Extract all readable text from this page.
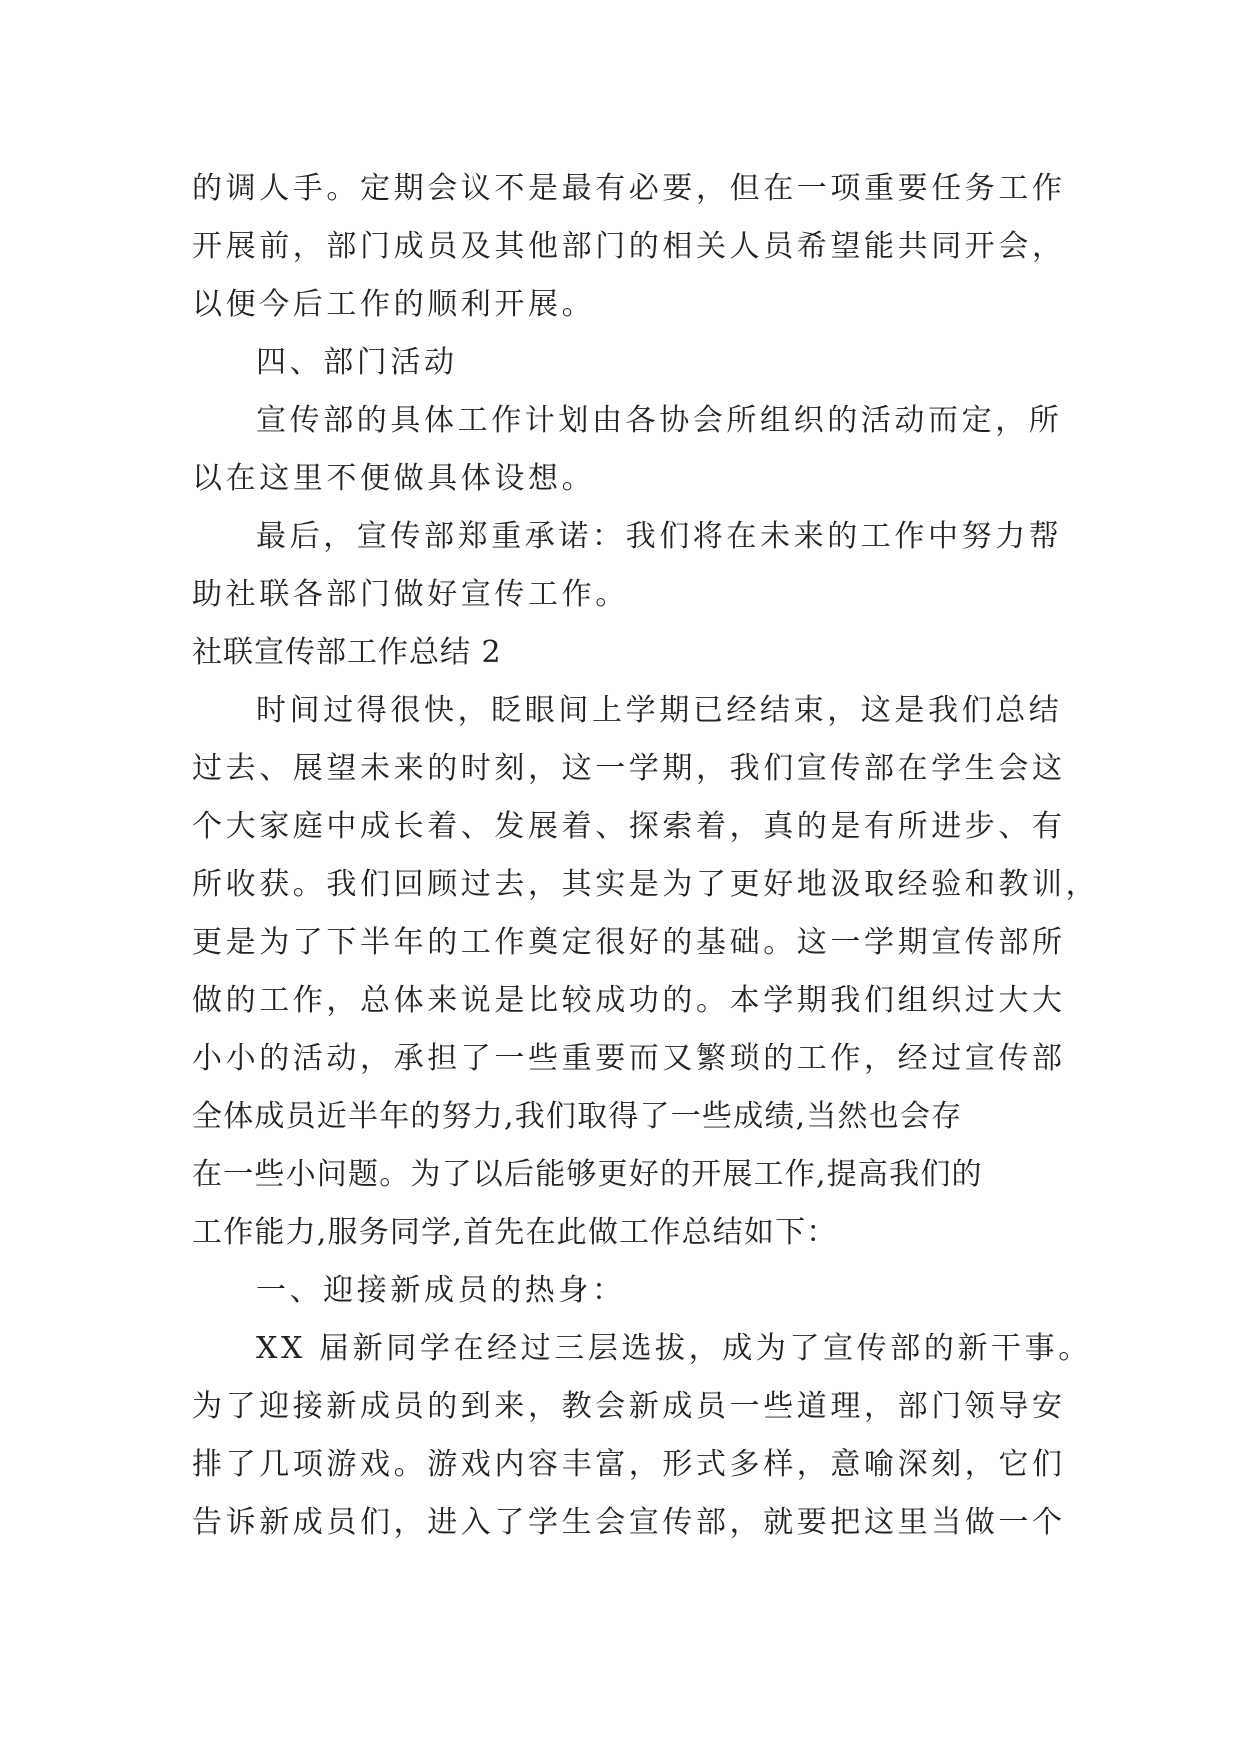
的调人手。定期会议不是最有必要，但在一项重要任务工作
开展前，部门成员及其他部门的相关人员希望能共同开会，
以便今后工作的顺利开展。
四、部门活动
宣传部的具体工作计划由各协会所组织的活动而定，所
以在这里不便做具体设想。
最后，宣传部郑重承诺：我们将在未来的工作中努力帮
助社联各部门做好宣传工作。
社联宣传部工作总结 2
时间过得很快，眨眼间上学期已经结束，这是我们总结
过去、展望未来的时刻，这一学期，我们宣传部在学生会这
个大家庭中成长着、发展着、探索着，真的是有所进步、有
所收获。我们回顾过去，其实是为了更好地汲取经验和教训，
更是为了下半年的工作奠定很好的基础。这一学期宣传部所
做的工作，总体来说是比较成功的。本学期我们组织过大大
小小的活动，承担了一些重要而又繁琐的工作，经过宣传部
全体成员近半年的努力,我们取得了一些成绩,当然也会存
在一些小问题。为了以后能够更好的开展工作,提高我们的
工作能力,服务同学,首先在此做工作总结如下：
一、迎接新成员的热身：
XX 届新同学在经过三层选拔，成为了宣传部的新干事。
为了迎接新成员的到来，教会新成员一些道理，部门领导安
排了几项游戏。游戏内容丰富，形式多样，意喻深刻，它们
告诉新成员们，进入了学生会宣传部，就要把这里当做一个
